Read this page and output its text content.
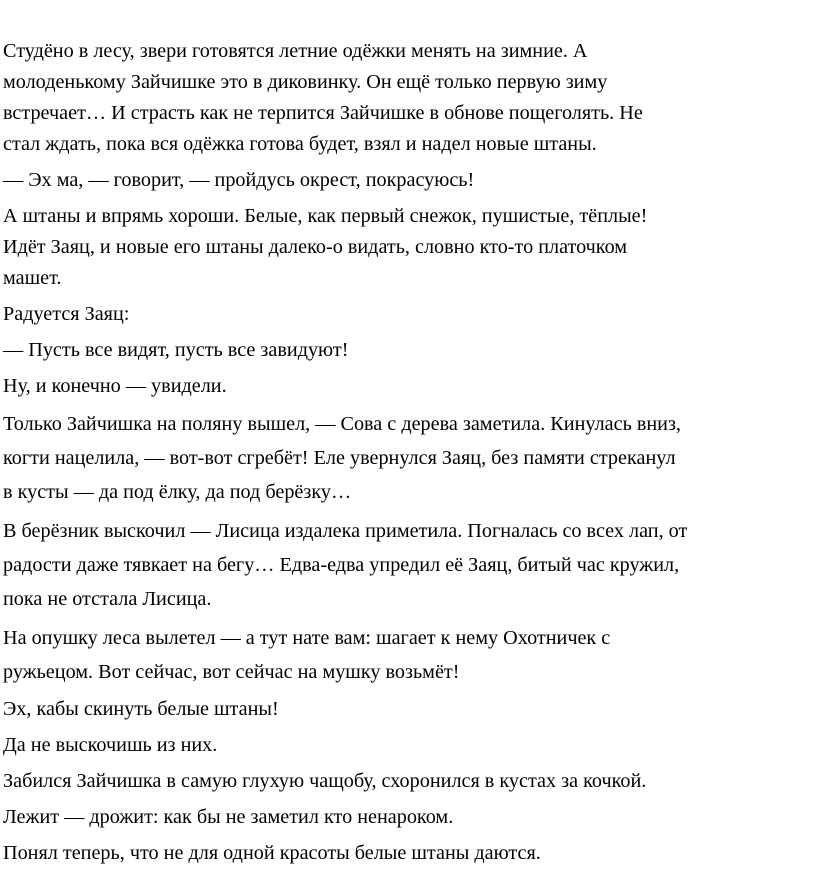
Студёно в лесу, звери готовятся летние одёжки менять на зимние. А
молоденькому Зайчишке это в диковинку. Он ещё только первую зиму
встречает… И страсть как не терпится Зайчишке в обнове пощеголять. Не
стал ждать, пока вся одёжка готова будет, взял и надел новые штаны.

— Эх ма, — говорит, — пройдусь окрест, покрасуюсь!

А штаны и впрямь хороши. Белые, как первый снежок, пушистые, тёплые!
Идёт Заяц, и новые его штаны далеко-о видать, словно кто-то платочком
машет.

Радуется Заяц:

— Пусть все видят, пусть все завидуют!

Ну, и конечно — увидели.

Только Зайчишка на поляну вышел, — Сова с дерева заметила. Кинулась вниз,
когти нацелила, — вот-вот сгребёт! Еле увернулся Заяц, без памяти стреканул
в кусты — да под ёлку, да под берёзку…

В берёзник выскочил — Лисица издалека приметила. Погналась со всех лап, от
радости даже тявкает на бегу… Едва-едва упредил её Заяц, битый час кружил,
пока не отстала Лисица.

На опушку леса вылетел — а тут нате вам: шагает к нему Охотничек с
ружьецом. Вот сейчас, вот сейчас на мушку возьмёт!

Эх, кабы скинуть белые штаны!

Да не выскочишь из них.

Забился Зайчишка в самую глухую чащобу, схоронился в кустах за кочкой.

Лежит — дрожит: как бы не заметил кто ненароком.

Понял теперь, что не для одной красоты белые штаны даются.
